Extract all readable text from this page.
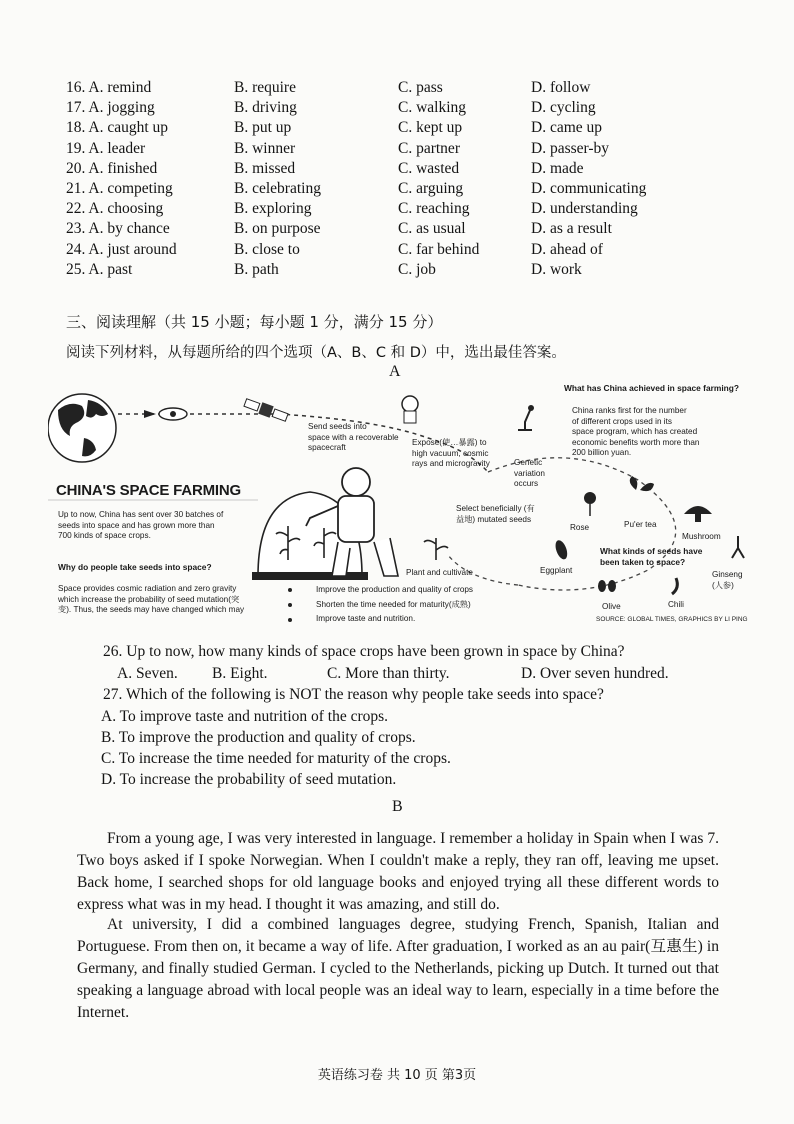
16. A. remind	B. require	C. pass	D. follow
17. A. jogging	B. driving	C. walking	D. cycling
18. A. caught up	B. put up	C. kept up	D. came up
19. A. leader	B. winner	C. partner	D. passer-by
20. A. finished	B. missed	C. wasted	D. made
21. A. competing	B. celebrating	C. arguing	D. communicating
22. A. choosing	B. exploring	C. reaching	D. understanding
23. A. by chance	B. on purpose	C. as usual	D. as a result
24. A. just around	B. close to	C. far behind	D. ahead of
25. A. past	B. path	C. job	D. work
三、阅读理解（共 15 小题；每小题 1 分，满分 15 分）
阅读下列材料，从每题所给的四个选项（A、B、C 和 D）中，选出最佳答案。
A
Send seeds into
space with a recoverable
spacecraft
Expose(使…暴露) to
high vacuum, cosmic
rays and microgravity	Genetic
variation
occurs
Select beneficially (有
益地) mutated seeds
Plant and cultivate
CHINA'S SPACE FARMING
Up to now, China has sent over 30 batches of
seeds into space and has grown more than
700 kinds of space crops.
Why do people take seeds into space?
Space provides cosmic radiation and zero gravity
which increase the probability of seed mutation(突
变). Thus, the seeds may have changed which may
Improve the production and quality of crops
Shorten the time needed for maturity(成熟)
Improve taste and nutrition.
What has China achieved in space farming?
China ranks first for the number
of different crops used in its
space program, which has created
economic benefits worth more than
200 billion yuan.
What kinds of seeds have
been taken to space?
Rose	Pu'er tea
Mushroom
Eggplant	Ginseng
(人参)
Olive	Chili
SOURCE: GLOBAL TIMES, GRAPHICS BY LI PING
26. Up to now, how many kinds of space crops have been grown in space by China?
A. Seven. B. Eight.	C. More than thirty.	D. Over seven hundred.
27. Which of the following is NOT the reason why people take seeds into space?
A. To improve taste and nutrition of the crops.
B. To improve the production and quality of crops.
C. To increase the time needed for maturity of the crops.
D. To increase the probability of seed mutation.
B
From a young age, I was very interested in language. I remember a holiday in Spain when I was 7. Two boys asked if I spoke Norwegian. When I couldn't make a reply, they ran off, leaving me upset. Back home, I searched shops for old language books and enjoyed trying all these different words to express what was in my head. I thought it was amazing, and still do.
At university, I did a combined languages degree, studying French, Spanish, Italian and Portuguese. From then on, it became a way of life. After graduation, I worked as an au pair(互惠生) in Germany, and finally studied German. I cycled to the Netherlands, picking up Dutch. It turned out that speaking a language abroad with local people was an ideal way to learn, especially in a time before the Internet.
英语练习卷 共 10 页 第3页
